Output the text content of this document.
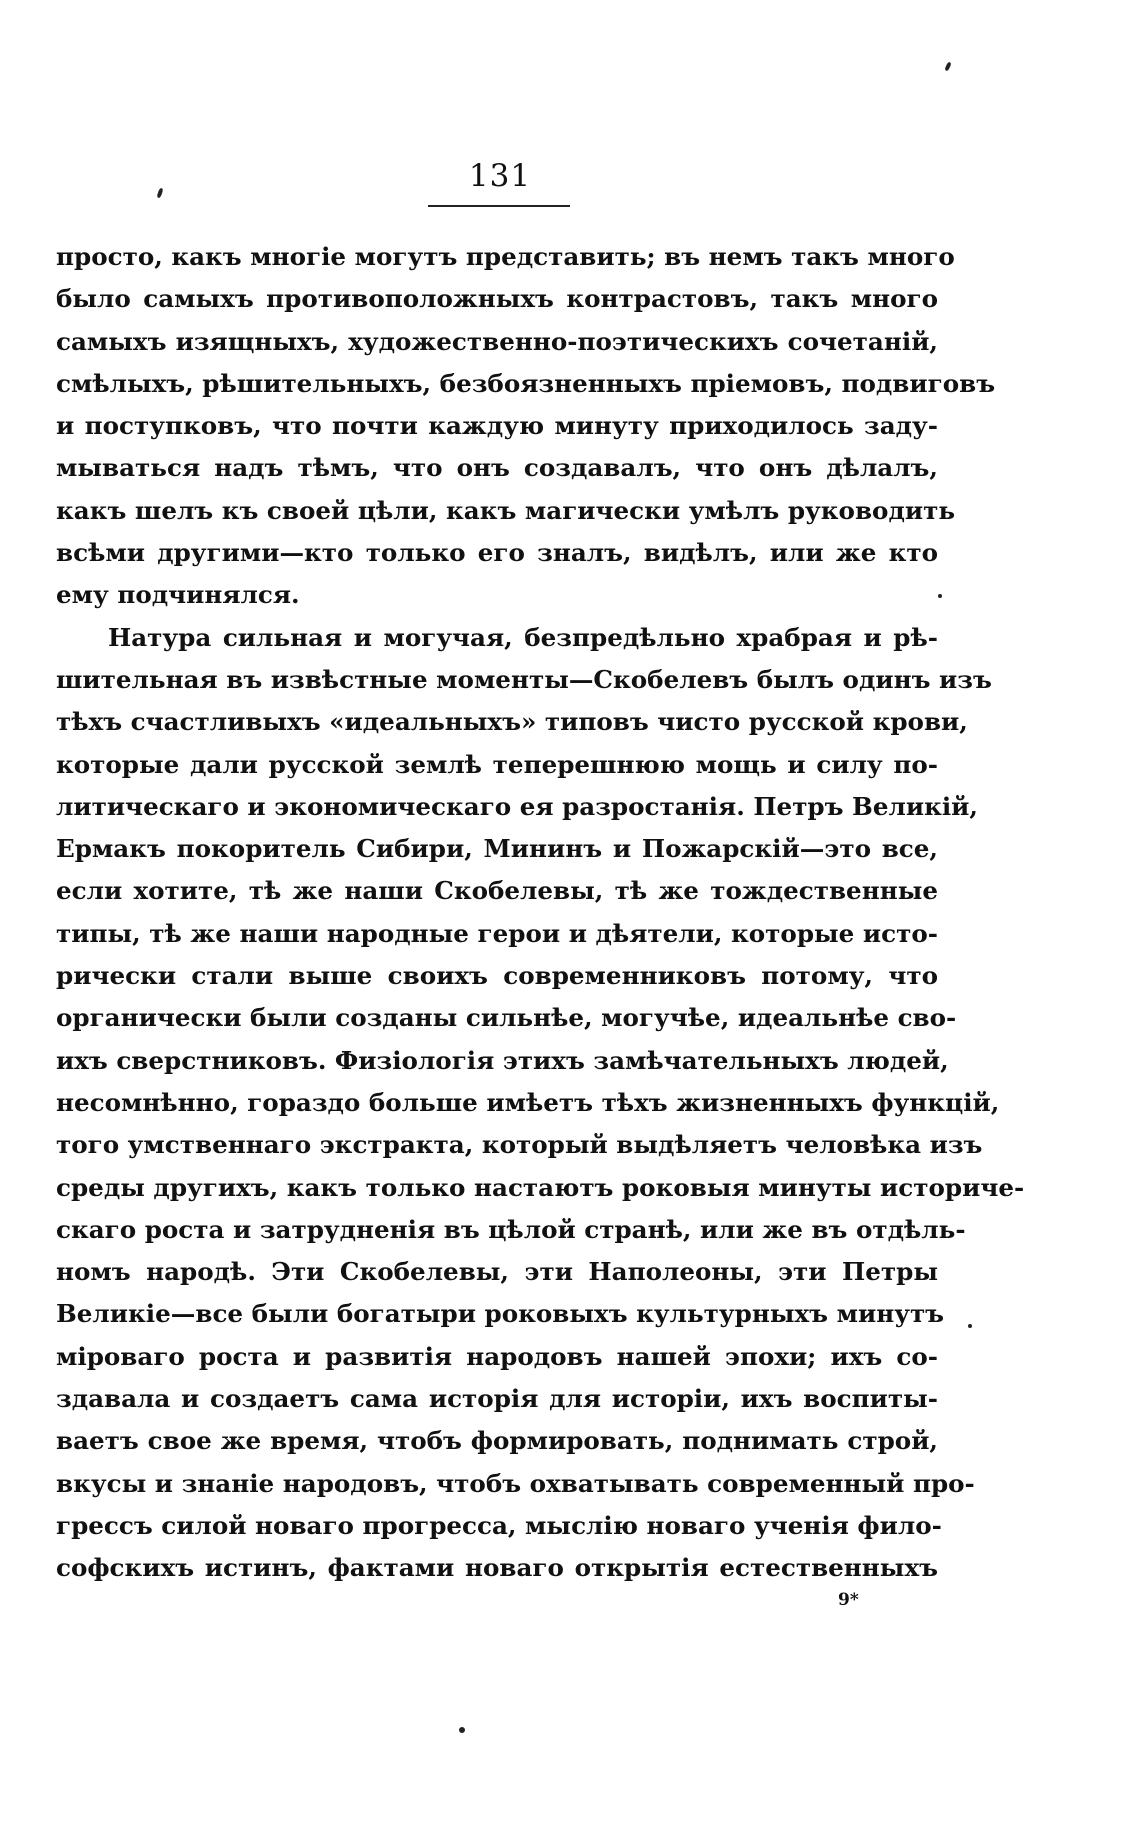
131
просто, какъ многіе могутъ представить; въ немъ такъ много
было самыхъ противоположныхъ контрастовъ, такъ много
самыхъ изящныхъ, художественно-поэтическихъ сочетаній,
смѣлыхъ, рѣшительныхъ, безбоязненныхъ пріемовъ, подвиговъ
и поступковъ, что почти каждую минуту приходилось заду-
мываться надъ тѣмъ, что онъ создавалъ, что онъ дѣлалъ,
какъ шелъ къ своей цѣли, какъ магически умѣлъ руководить
всѣми другими—кто только его зналъ, видѣлъ, или же кто
ему подчинялся.
Натура сильная и могучая, безпредѣльно храбрая и рѣ-
шительная въ извѣстные моменты—Скобелевъ былъ одинъ изъ
тѣхъ счастливыхъ «идеальныхъ» типовъ чисто русской крови,
которые дали русской землѣ теперешнюю мощь и силу по-
литическаго и экономическаго ея разростанія. Петръ Великій,
Ермакъ покоритель Сибири, Мининъ и Пожарскій—это все,
если хотите, тѣ же наши Скобелевы, тѣ же тождественные
типы, тѣ же наши народные герои и дѣятели, которые исто-
рически стали выше своихъ современниковъ потому, что
органически были созданы сильнѣе, могучѣе, идеальнѣе сво-
ихъ сверстниковъ. Физіологія этихъ замѣчательныхъ людей,
несомнѣнно, гораздо больше имѣетъ тѣхъ жизненныхъ функцій,
того умственнаго экстракта, который выдѣляетъ человѣка изъ
среды другихъ, какъ только настаютъ роковыя минуты историче-
скаго роста и затрудненія въ цѣлой странѣ, или же въ отдѣль-
номъ народѣ. Эти Скобелевы, эти Наполеоны, эти Петры
Великіе—все были богатыри роковыхъ культурныхъ минутъ
міроваго роста и развитія народовъ нашей эпохи; ихъ со-
здавала и создаетъ сама исторія для исторіи, ихъ воспиты-
ваетъ свое же время, чтобъ формировать, поднимать строй,
вкусы и знаніе народовъ, чтобъ охватывать современный про-
грессъ силой новаго прогресса, мыслію новаго ученія фило-
софскихъ истинъ, фактами новаго открытія естественныхъ
9*
